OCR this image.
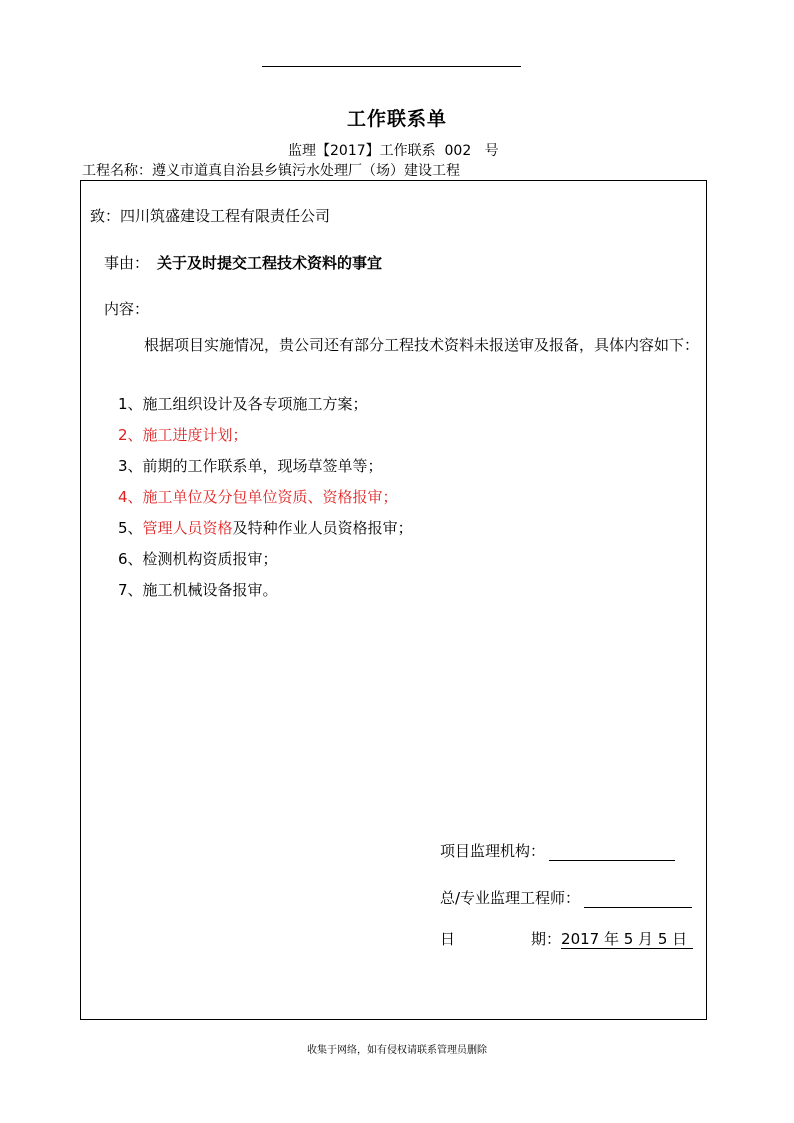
工作联系单
监理【2017】工作联系  002   号
工程名称：遵义市道真自治县乡镇污水处理厂（场）建设工程
致：四川筑盛建设工程有限责任公司
事由： 关于及时提交工程技术资料的事宜
内容：
根据项目实施情况，贵公司还有部分工程技术资料未报送审及报备，具体内容如下：
1、施工组织设计及各专项施工方案；
2、施工进度计划；
3、前期的工作联系单，现场草签单等；
4、施工单位及分包单位资质、资格报审；
5、管理人员资格及特种作业人员资格报审；
6、检测机构资质报审；
7、施工机械设备报审。
项目监理机构：
总/专业监理工程师：
日	期：2017 年 5 月 5 日
收集于网络，如有侵权请联系管理员删除
